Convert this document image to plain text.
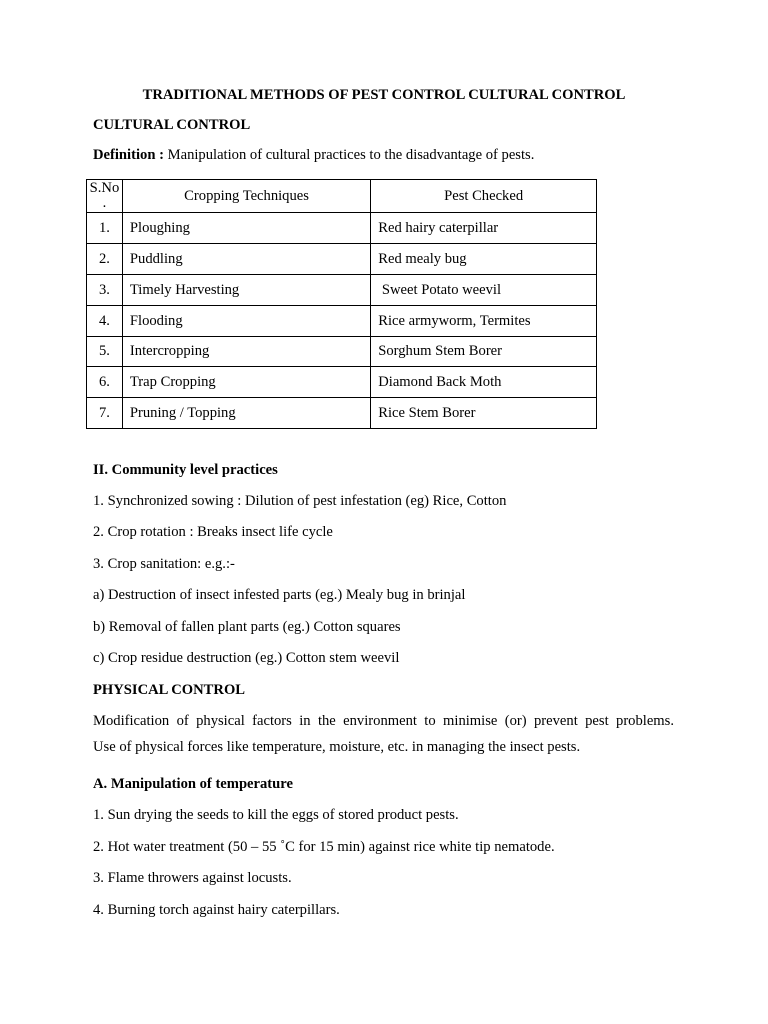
TRADITIONAL METHODS OF PEST CONTROL CULTURAL CONTROL
CULTURAL CONTROL
Definition : Manipulation of cultural practices to the disadvantage of pests.
S.No
.	Cropping Techniques	Pest Checked
1.	Ploughing	Red hairy caterpillar
2.	Puddling	Red mealy bug
3.	Timely Harvesting	Sweet Potato weevil
4.	Flooding	Rice armyworm, Termites
5.	Intercropping	Sorghum Stem Borer
6.	Trap Cropping	Diamond Back Moth
7.	Pruning / Topping	Rice Stem Borer
II. Community level practices
1. Synchronized sowing : Dilution of pest infestation (eg) Rice, Cotton
2. Crop rotation : Breaks insect life cycle
3. Crop sanitation: e.g.:-
a) Destruction of insect infested parts (eg.) Mealy bug in brinjal
b) Removal of fallen plant parts (eg.) Cotton squares
c) Crop residue destruction (eg.) Cotton stem weevil
PHYSICAL CONTROL
Modification of physical factors in the environment to minimise (or) prevent pest problems.
Use of physical forces like temperature, moisture, etc. in managing the insect pests.
A. Manipulation of temperature
1. Sun drying the seeds to kill the eggs of stored product pests.
2. Hot water treatment (50 – 55 ˚C for 15 min) against rice white tip nematode.
3. Flame throwers against locusts.
4. Burning torch against hairy caterpillars.
